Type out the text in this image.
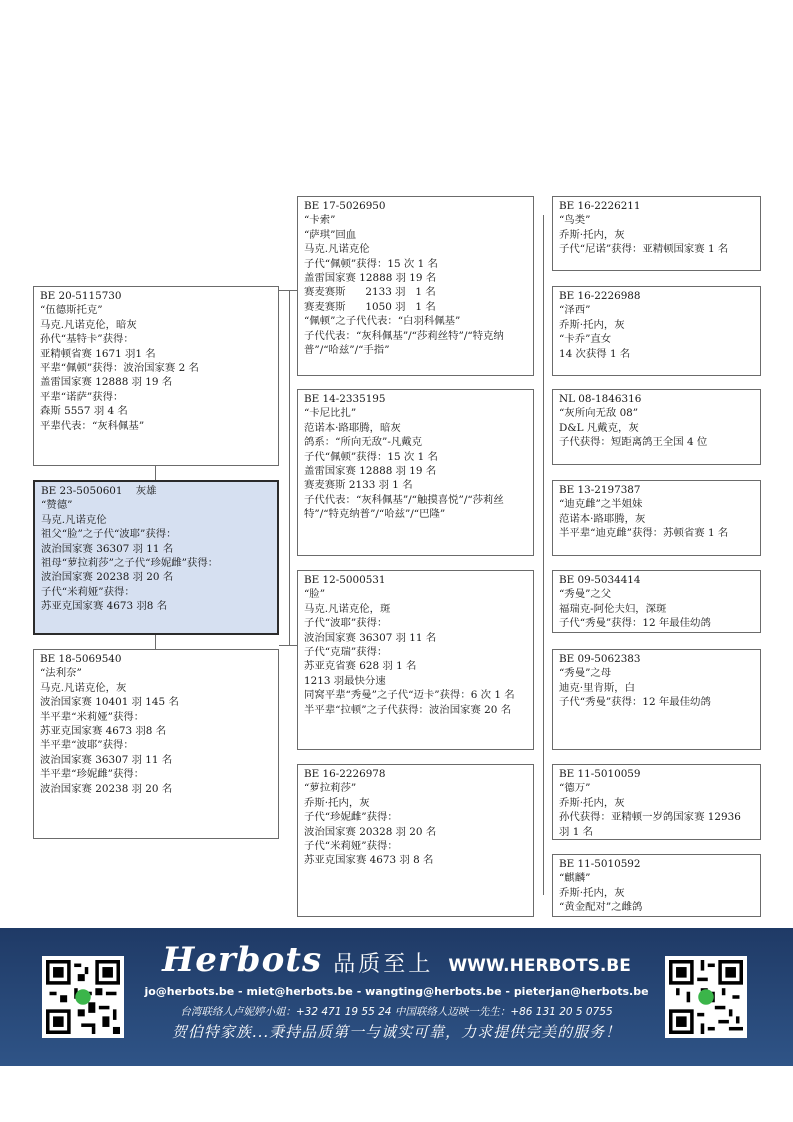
BE 20-5115730
“伍德斯托克”
马克.凡诺克伦，暗灰
孙代“基特卡”获得：
亚精顿省赛 1671 羽1 名
平辈“佩顿”获得：波治国家赛 2 名
盖雷国家赛 12888 羽 19 名
平辈“诺萨”获得：
森斯 5557 羽 4 名
平辈代表：“灰科佩基”
BE 23-5050601    灰雄
“赞德”
马克.凡诺克伦
祖父“脸”之子代“波耶”获得：
波治国家赛 36307 羽 11 名
祖母“萝拉莉莎”之子代“珍妮雌”获得：
波治国家赛 20238 羽 20 名
子代“米莉娅”获得：
苏亚克国家赛 4673 羽8 名
BE 18-5069540
“法利奈”
马克.凡诺克伦，灰
波治国家赛 10401 羽 145 名
半平辈“米莉娅”获得：
苏亚克国家赛 4673 羽8 名
半平辈“波耶”获得：
波治国家赛 36307 羽 11 名
半平辈“珍妮雌”获得：
波治国家赛 20238 羽 20 名
BE 17-5026950
“卡索”
“萨琪”回血
马克.凡诺克伦
子代“佩顿”获得：15 次 1 名
盖雷国家赛 12888 羽 19 名
赛麦赛斯      2133 羽   1 名
赛麦赛斯      1050 羽   1 名
“佩顿”之子代代表：“白羽科佩基”
子代代表：“灰科佩基”/“莎莉丝特”/“特克纳普”/“哈兹”/“手指”
BE 14-2335195
“卡尼比扎”
范诺本·路耶腾，暗灰
鸽系：“所向无敌”-凡戴克
子代“佩顿”获得：15 次 1 名
盖雷国家赛 12888 羽 19 名
赛麦赛斯 2133 羽 1 名
子代代表：“灰科佩基”/“触摸喜悦”/“莎莉丝特”/“特克纳普”/“哈兹”/“巴隆”
BE 12-5000531
“脸”
马克.凡诺克伦，斑
子代“波耶”获得：
波治国家赛 36307 羽 11 名
子代“克瑞”获得：
苏亚克省赛 628 羽 1 名
1213 羽最快分速
同窝平辈“秀曼”之子代“迈卡”获得：6 次 1 名
半平辈“拉顿”之子代获得：波治国家赛 20 名
BE 16-2226978
“萝拉莉莎”
乔斯·托内，灰
子代“珍妮雌”获得：
波治国家赛 20328 羽 20 名
子代“米莉娅”获得：
苏亚克国家赛 4673 羽 8 名
BE 16-2226211
“鸟类”
乔斯·托内，灰
子代“尼诺”获得：亚精顿国家赛 1 名
BE 16-2226988
“泽西”
乔斯·托内，灰
“卡乔”直女
14 次获得 1 名
NL 08-1846316
“灰所向无敌 08”
D&L 凡戴克，灰
子代获得：短距离鸽王全国 4 位
BE 13-2197387
“迪克雌”之半姐妹
范诺本·路耶腾，灰
半平辈“迪克雌”获得：苏顿省赛 1 名
BE 09-5034414
“秀曼”之父
福瑞克-阿伦夫妇，深斑
子代“秀曼”获得：12 年最佳幼鸽
BE 09-5062383
“秀曼”之母
迪克·里肯斯，白
子代“秀曼”获得：12 年最佳幼鸽
BE 11-5010059
“德万”
乔斯·托内，灰
孙代获得：亚精顿一岁鸽国家赛 12936 羽 1 名
BE 11-5010592
“麒麟”
乔斯·托内，灰
“黄金配对”之雌鸽
Herbots 品质至上 WWW.HERBOTS.BE
jo@herbots.be - miet@herbots.be - wangting@herbots.be - pieterjan@herbots.be
台湾联络人卢妮婷小姐：+32 471 19 55 24 中国联络人迈映一先生：+86 131 20 5 0755
贺伯特家族...秉持品质第一与诚实可靠，力求提供完美的服务！
